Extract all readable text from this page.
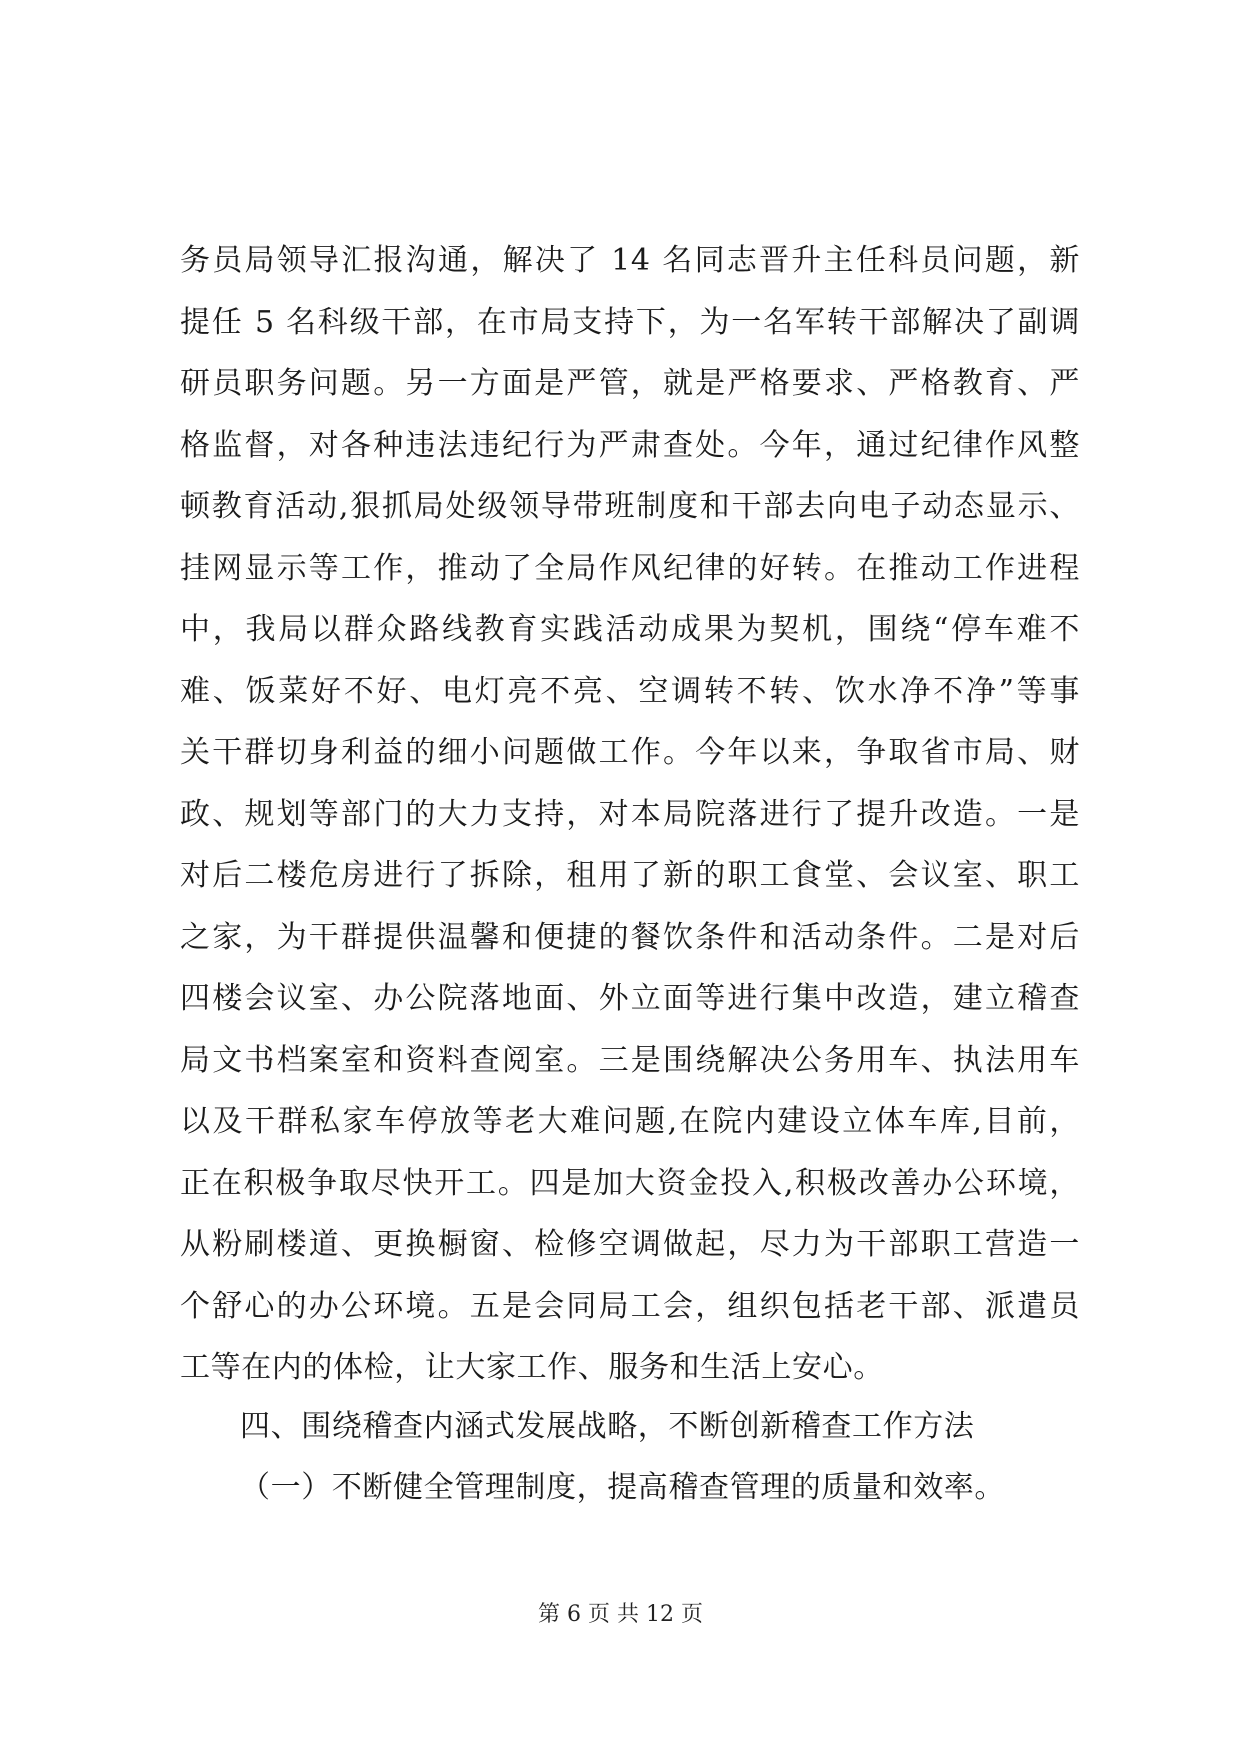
务员局领导汇报沟通，解决了 14 名同志晋升主任科员问题，新
提任 5 名科级干部，在市局支持下，为一名军转干部解决了副调
研员职务问题。另一方面是严管，就是严格要求、严格教育、严
格监督，对各种违法违纪行为严肃查处。今年，通过纪律作风整
顿教育活动,狠抓局处级领导带班制度和干部去向电子动态显示、
挂网显示等工作，推动了全局作风纪律的好转。在推动工作进程
中，我局以群众路线教育实践活动成果为契机，围绕“停车难不
难、饭菜好不好、电灯亮不亮、空调转不转、饮水净不净”等事
关干群切身利益的细小问题做工作。今年以来，争取省市局、财
政、规划等部门的大力支持，对本局院落进行了提升改造。一是
对后二楼危房进行了拆除，租用了新的职工食堂、会议室、职工
之家，为干群提供温馨和便捷的餐饮条件和活动条件。二是对后
四楼会议室、办公院落地面、外立面等进行集中改造，建立稽查
局文书档案室和资料查阅室。三是围绕解决公务用车、执法用车
以及干群私家车停放等老大难问题,在院内建设立体车库,目前，
正在积极争取尽快开工。四是加大资金投入,积极改善办公环境，
从粉刷楼道、更换橱窗、检修空调做起，尽力为干部职工营造一
个舒心的办公环境。五是会同局工会，组织包括老干部、派遣员
工等在内的体检，让大家工作、服务和生活上安心。
四、围绕稽查内涵式发展战略，不断创新稽查工作方法
（一）不断健全管理制度，提高稽查管理的质量和效率。
第 6 页 共 12 页
